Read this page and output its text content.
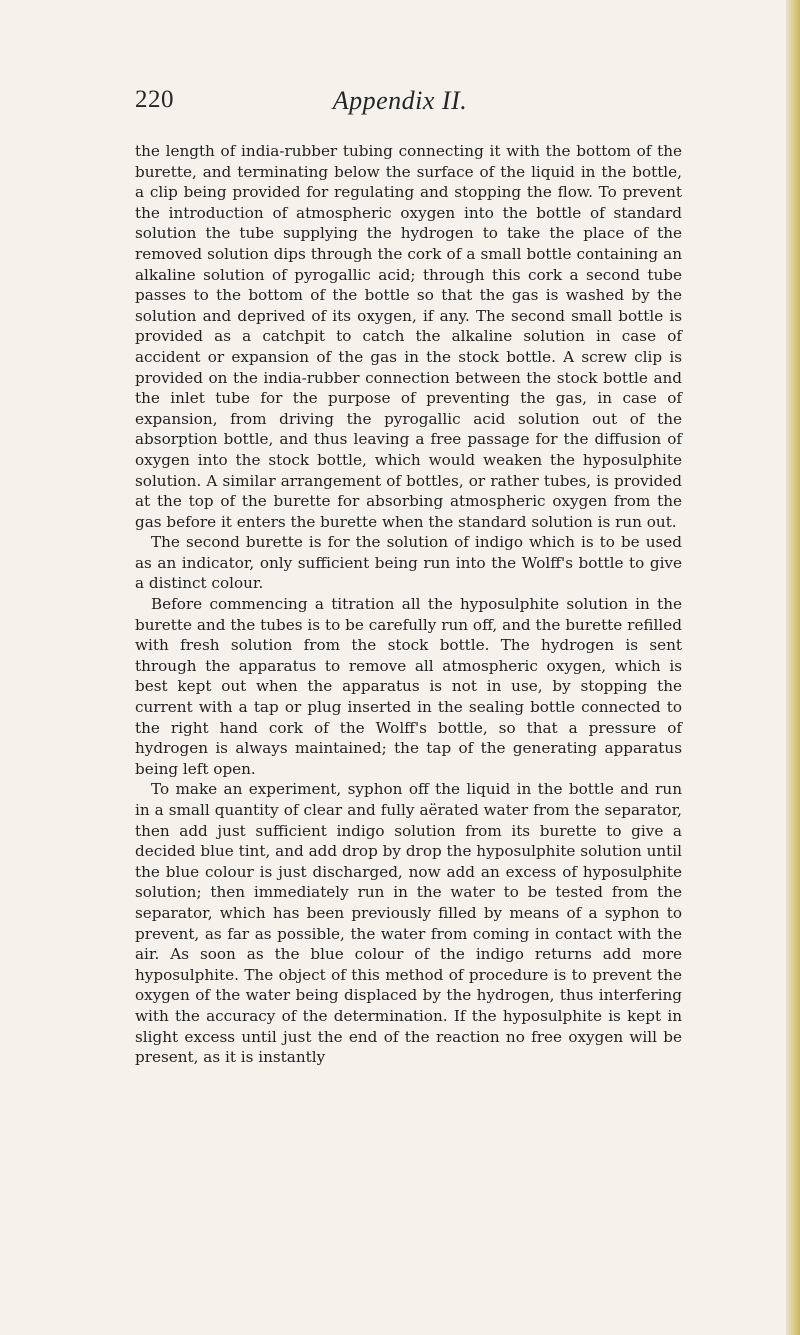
220	Appendix II.

the length of india-rubber tubing connecting it with the bottom of the burette, and terminating below the surface of the liquid in the bottle, a clip being provided for regulating and stopping the flow. To prevent the introduction of atmospheric oxygen into the bottle of standard solution the tube supplying the hydrogen to take the place of the removed solution dips through the cork of a small bottle containing an alkaline solution of pyrogallic acid; through this cork a second tube passes to the bottom of the bottle so that the gas is washed by the solution and deprived of its oxygen, if any. The second small bottle is provided as a catchpit to catch the alkaline solution in case of accident or expansion of the gas in the stock bottle. A screw clip is provided on the india-rubber connection between the stock bottle and the inlet tube for the purpose of preventing the gas, in case of expansion, from driving the pyrogallic acid solution out of the absorption bottle, and thus leaving a free passage for the diffusion of oxygen into the stock bottle, which would weaken the hyposulphite solution. A similar arrangement of bottles, or rather tubes, is provided at the top of the burette for absorbing atmospheric oxygen from the gas before it enters the burette when the standard solution is run out.

The second burette is for the solution of indigo which is to be used as an indicator, only sufficient being run into the Wolff's bottle to give a distinct colour.

Before commencing a titration all the hyposulphite solution in the burette and the tubes is to be carefully run off, and the burette refilled with fresh solution from the stock bottle. The hydrogen is sent through the apparatus to remove all atmospheric oxygen, which is best kept out when the apparatus is not in use, by stopping the current with a tap or plug inserted in the sealing bottle connected to the right hand cork of the Wolff's bottle, so that a pressure of hydrogen is always maintained; the tap of the generating apparatus being left open.

To make an experiment, syphon off the liquid in the bottle and run in a small quantity of clear and fully aërated water from the separator, then add just sufficient indigo solution from its burette to give a decided blue tint, and add drop by drop the hyposulphite solution until the blue colour is just discharged, now add an excess of hyposulphite solution; then immediately run in the water to be tested from the separator, which has been previously filled by means of a syphon to prevent, as far as possible, the water from coming in contact with the air. As soon as the blue colour of the indigo returns add more hyposulphite. The object of this method of procedure is to prevent the oxygen of the water being displaced by the hydrogen, thus interfering with the accuracy of the determination. If the hyposulphite is kept in slight excess until just the end of the reaction no free oxygen will be present, as it is instantly
